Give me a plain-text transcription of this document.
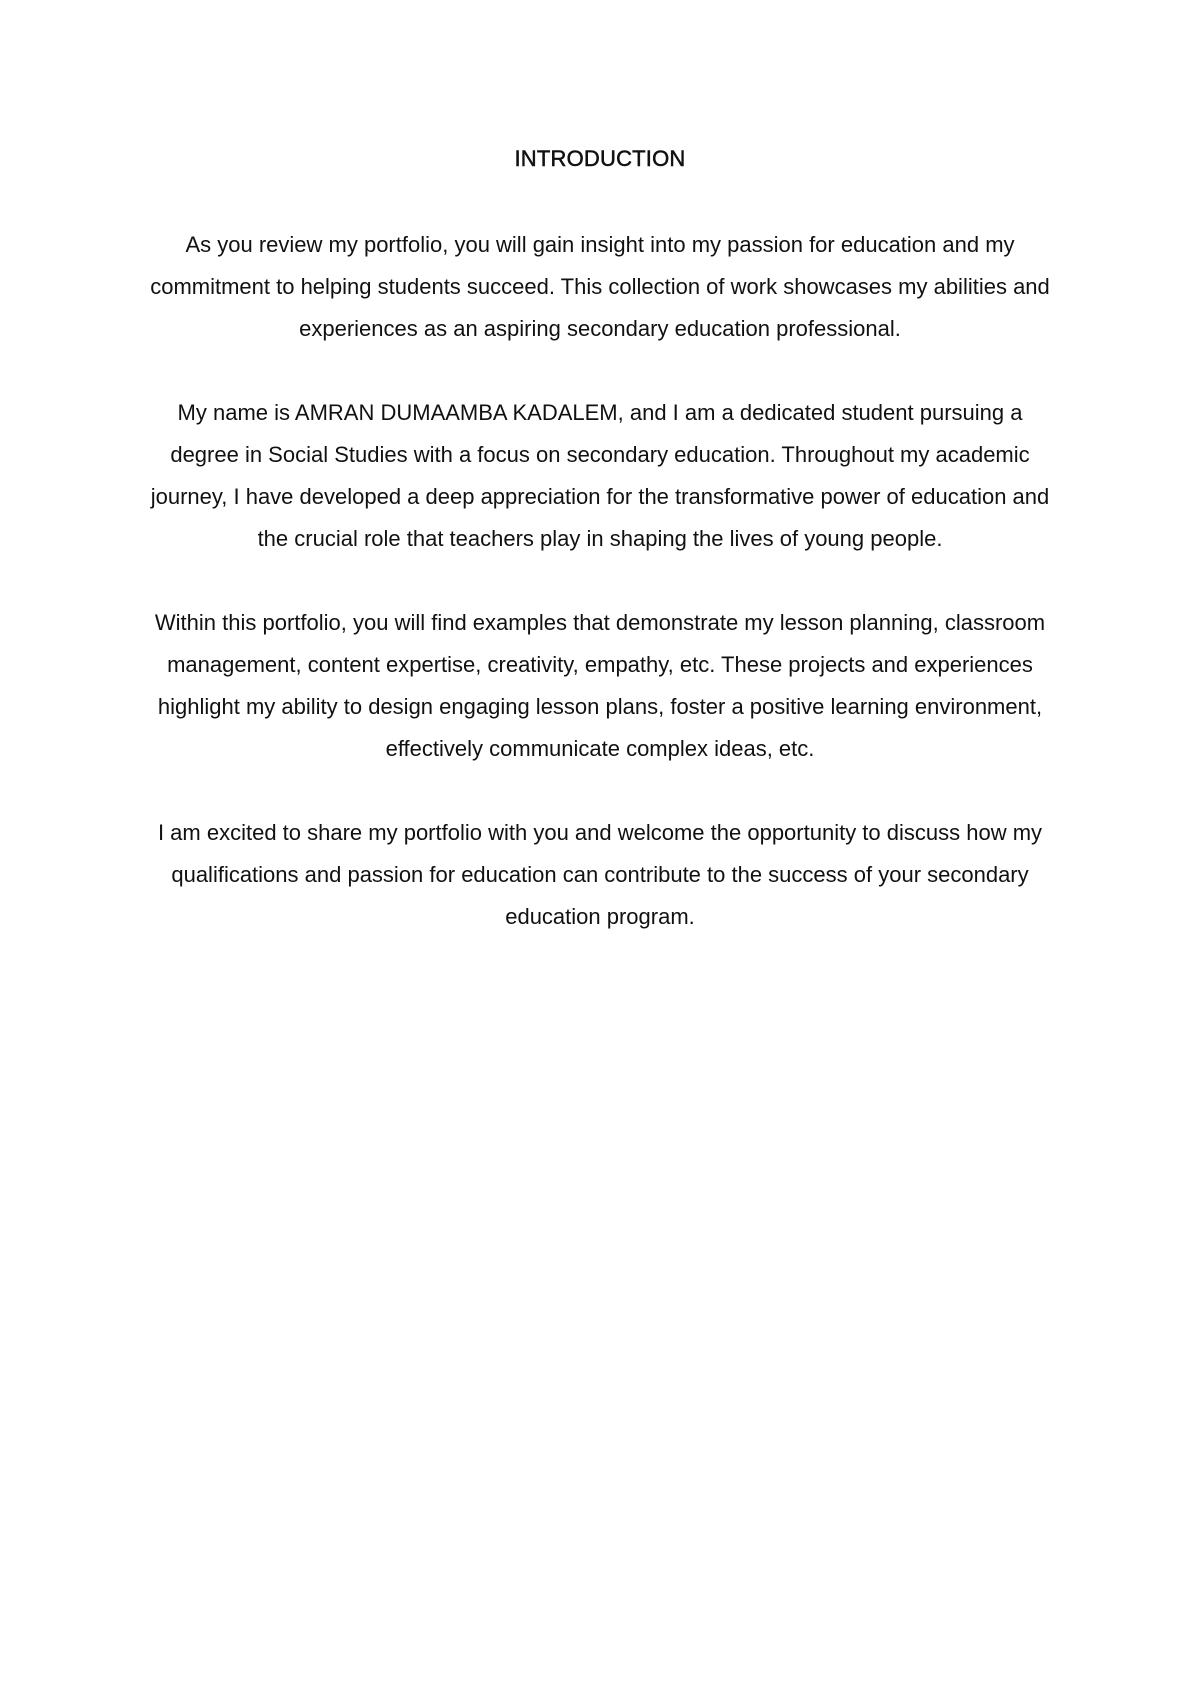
INTRODUCTION

As you review my portfolio, you will gain insight into my passion for education and my commitment to helping students succeed. This collection of work showcases my abilities and experiences as an aspiring secondary education professional.

My name is AMRAN DUMAAMBA KADALEM, and I am a dedicated student pursuing a degree in Social Studies with a focus on secondary education. Throughout my academic journey, I have developed a deep appreciation for the transformative power of education and the crucial role that teachers play in shaping the lives of young people.

Within this portfolio, you will find examples that demonstrate my lesson planning, classroom management, content expertise, creativity, empathy, etc. These projects and experiences highlight my ability to design engaging lesson plans, foster a positive learning environment, effectively communicate complex ideas, etc.

I am excited to share my portfolio with you and welcome the opportunity to discuss how my qualifications and passion for education can contribute to the success of your secondary education program.
